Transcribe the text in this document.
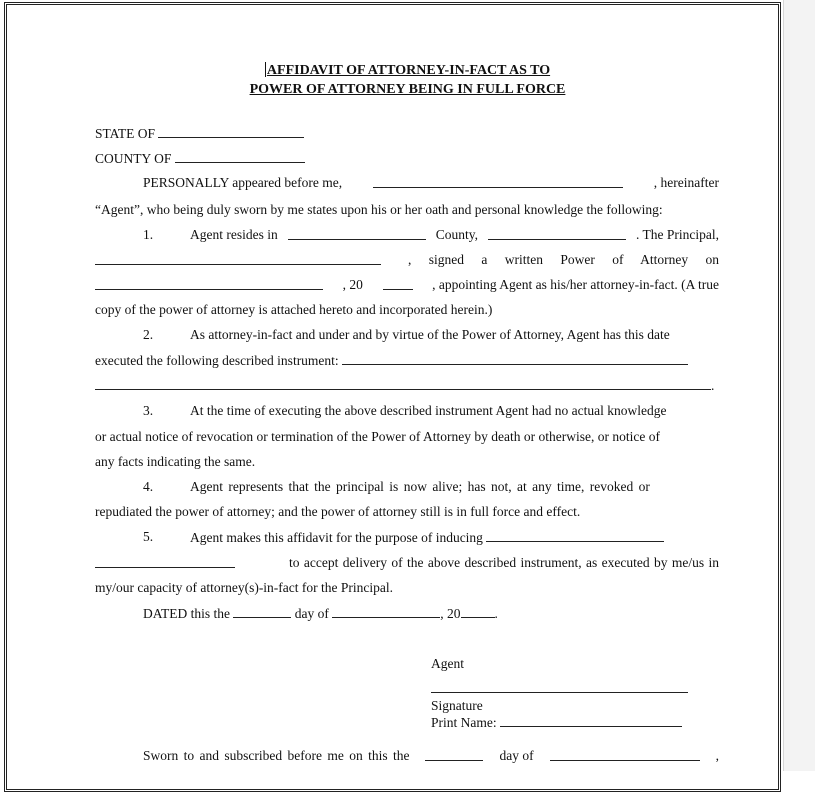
AFFIDAVIT OF ATTORNEY-IN-FACT AS TO
POWER OF ATTORNEY BEING IN FULL FORCE
STATE OF
COUNTY OF
PERSONALLY appeared before me,	, hereinafter
“Agent”, who being duly sworn by me states upon his or her oath and personal knowledge the following:
1.	Agent resides in	County,	. The Principal,
, signed a written Power of Attorney on
, 20	, appointing Agent as his/her attorney-in-fact. (A true
copy of the power of attorney is attached hereto and incorporated herein.)
2.	As attorney-in-fact and under and by virtue of the Power of Attorney, Agent has this date
executed the following described instrument:
.
3.	At the time of executing the above described instrument Agent had no actual knowledge
or actual notice of revocation or termination of the Power of Attorney by death or otherwise, or notice of
any facts indicating the same.
4.	Agent represents that the principal is now alive; has not, at any time, revoked or
repudiated the power of attorney; and the power of attorney still is in full force and effect.
5.	Agent makes this affidavit for the purpose of inducing
to accept delivery of the above described instrument, as executed by me/us in
my/our capacity of attorney(s)-in-fact for the Principal.
DATED this the	day of	, 20	.
Agent
Signature
Print Name:
Sworn to and subscribed before me on this the	day of	,
